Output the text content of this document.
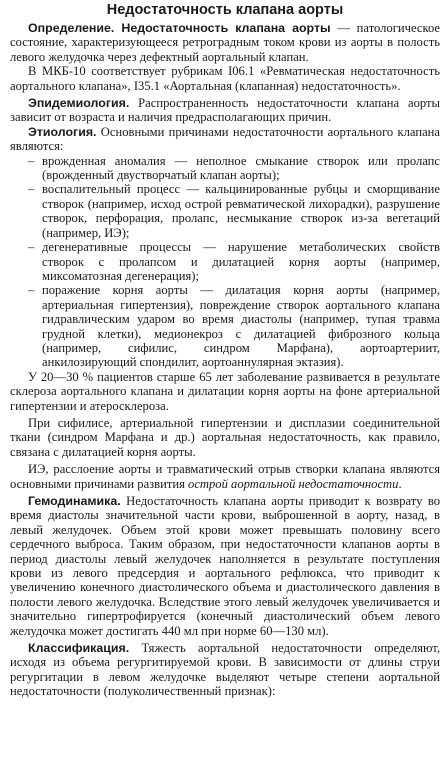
Недостаточность клапана аорты

Определение. Недостаточность клапана аорты — патологическое состояние, характеризующееся ретроградным током крови из аорты в полость левого желудочка через дефектный аортальный клапан.

В МКБ-10 соответствует рубрикам I06.1 «Ревматическая недостаточность аортального клапана», I35.1 «Аортальная (клапанная) недостаточность».

Эпидемиология. Распространенность недостаточности клапана аорты зависит от возраста и наличия предрасполагающих причин.

Этиология. Основными причинами недостаточности аортального клапана являются:

– врожденная аномалия — неполное смыкание створок или пролапс (врожденный двустворчатый клапан аорты);
– воспалительный процесс — кальцинированные рубцы и сморщивание створок (например, исход острой ревматической лихорадки), разрушение створок, перфорация, пролапс, несмыкание створок из-за вегетаций (например, ИЭ);
– дегенеративные процессы — нарушение метаболических свойств створок с пролапсом и дилатацией корня аорты (например, миксоматозная дегенерация);
– поражение корня аорты — дилатация корня аорты (например, артериальная гипертензия), повреждение створок аортального клапана гидравлическим ударом во время диастолы (например, тупая травма грудной клетки), медионекроз с дилатацией фиброзного кольца (например, сифилис, синдром Марфана), аортоартериит, анкилозирующий спондилит, аортоаннулярная эктазия).

У 20—30 % пациентов старше 65 лет заболевание развивается в результате склероза аортального клапана и дилатации корня аорты на фоне артериальной гипертензии и атеросклероза.

При сифилисе, артериальной гипертензии и дисплазии соединительной ткани (синдром Марфана и др.) аортальная недостаточность, как правило, связана с дилатацией корня аорты.

ИЭ, расслоение аорты и травматический отрыв створки клапана являются основными причинами развития острой аортальной недостаточности.

Гемодинамика. Недостаточность клапана аорты приводит к возврату во время диастолы значительной части крови, выброшенной в аорту, назад, в левый желудочек. Объем этой крови может превышать половину всего сердечного выброса. Таким образом, при недостаточности клапанов аорты в период диастолы левый желудочек наполняется в результате поступления крови из левого предсердия и аортального рефлюкса, что приводит к увеличению конечного диастолического объема и диастолического давления в полости левого желудочка. Вследствие этого левый желудочек увеличивается и значительно гипертрофируется (конечный диастолический объем левого желудочка может достигать 440 мл при норме 60—130 мл).

Классификация. Тяжесть аортальной недостаточности определяют, исходя из объема регургитируемой крови. В зависимости от длины струи регургитации в левом желудочке выделяют четыре степени аортальной недостаточности (полуколичественный признак):
